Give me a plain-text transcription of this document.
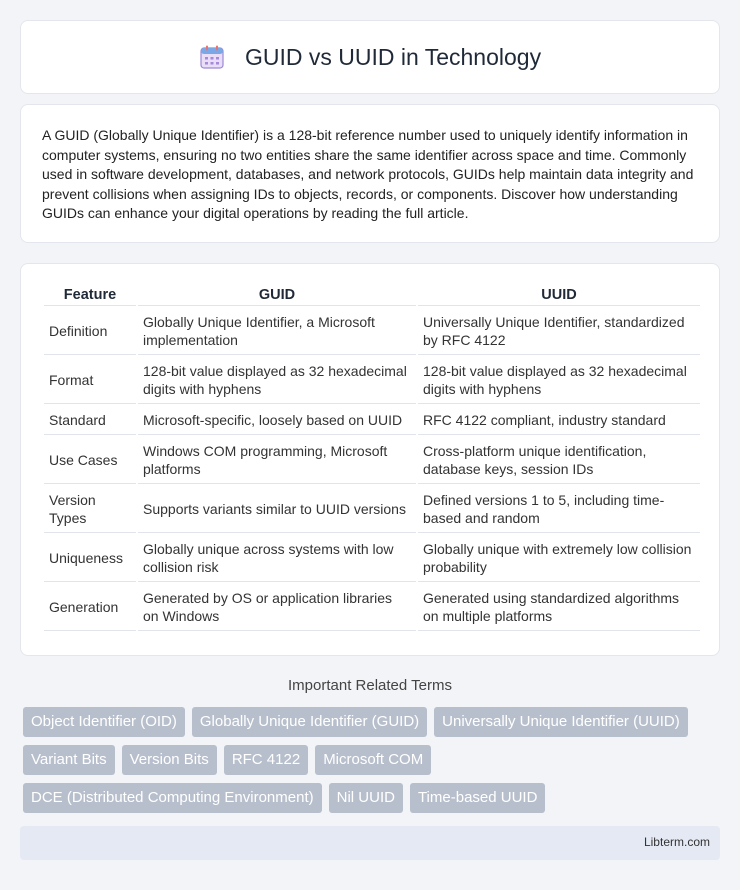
GUID vs UUID in Technology

A GUID (Globally Unique Identifier) is a 128-bit reference number used to uniquely identify information in computer systems, ensuring no two entities share the same identifier across space and time. Commonly used in software development, databases, and network protocols, GUIDs help maintain data integrity and prevent collisions when assigning IDs to objects, records, or components. Discover how understanding GUIDs can enhance your digital operations by reading the full article.

Feature	GUID	UUID
Definition	Globally Unique Identifier, a Microsoft implementation	Universally Unique Identifier, standardized by RFC 4122
Format	128-bit value displayed as 32 hexadecimal digits with hyphens	128-bit value displayed as 32 hexadecimal digits with hyphens
Standard	Microsoft-specific, loosely based on UUID	RFC 4122 compliant, industry standard
Use Cases	Windows COM programming, Microsoft platforms	Cross-platform unique identification, database keys, session IDs
Version Types	Supports variants similar to UUID versions	Defined versions 1 to 5, including time-based and random
Uniqueness	Globally unique across systems with low collision risk	Globally unique with extremely low collision probability
Generation	Generated by OS or application libraries on Windows	Generated using standardized algorithms on multiple platforms
Important Related Terms
Object Identifier (OID)	Globally Unique Identifier (GUID)	Universally Unique Identifier (UUID)
Variant Bits	Version Bits	RFC 4122	Microsoft COM
DCE (Distributed Computing Environment)	Nil UUID	Time-based UUID
Libterm.com
